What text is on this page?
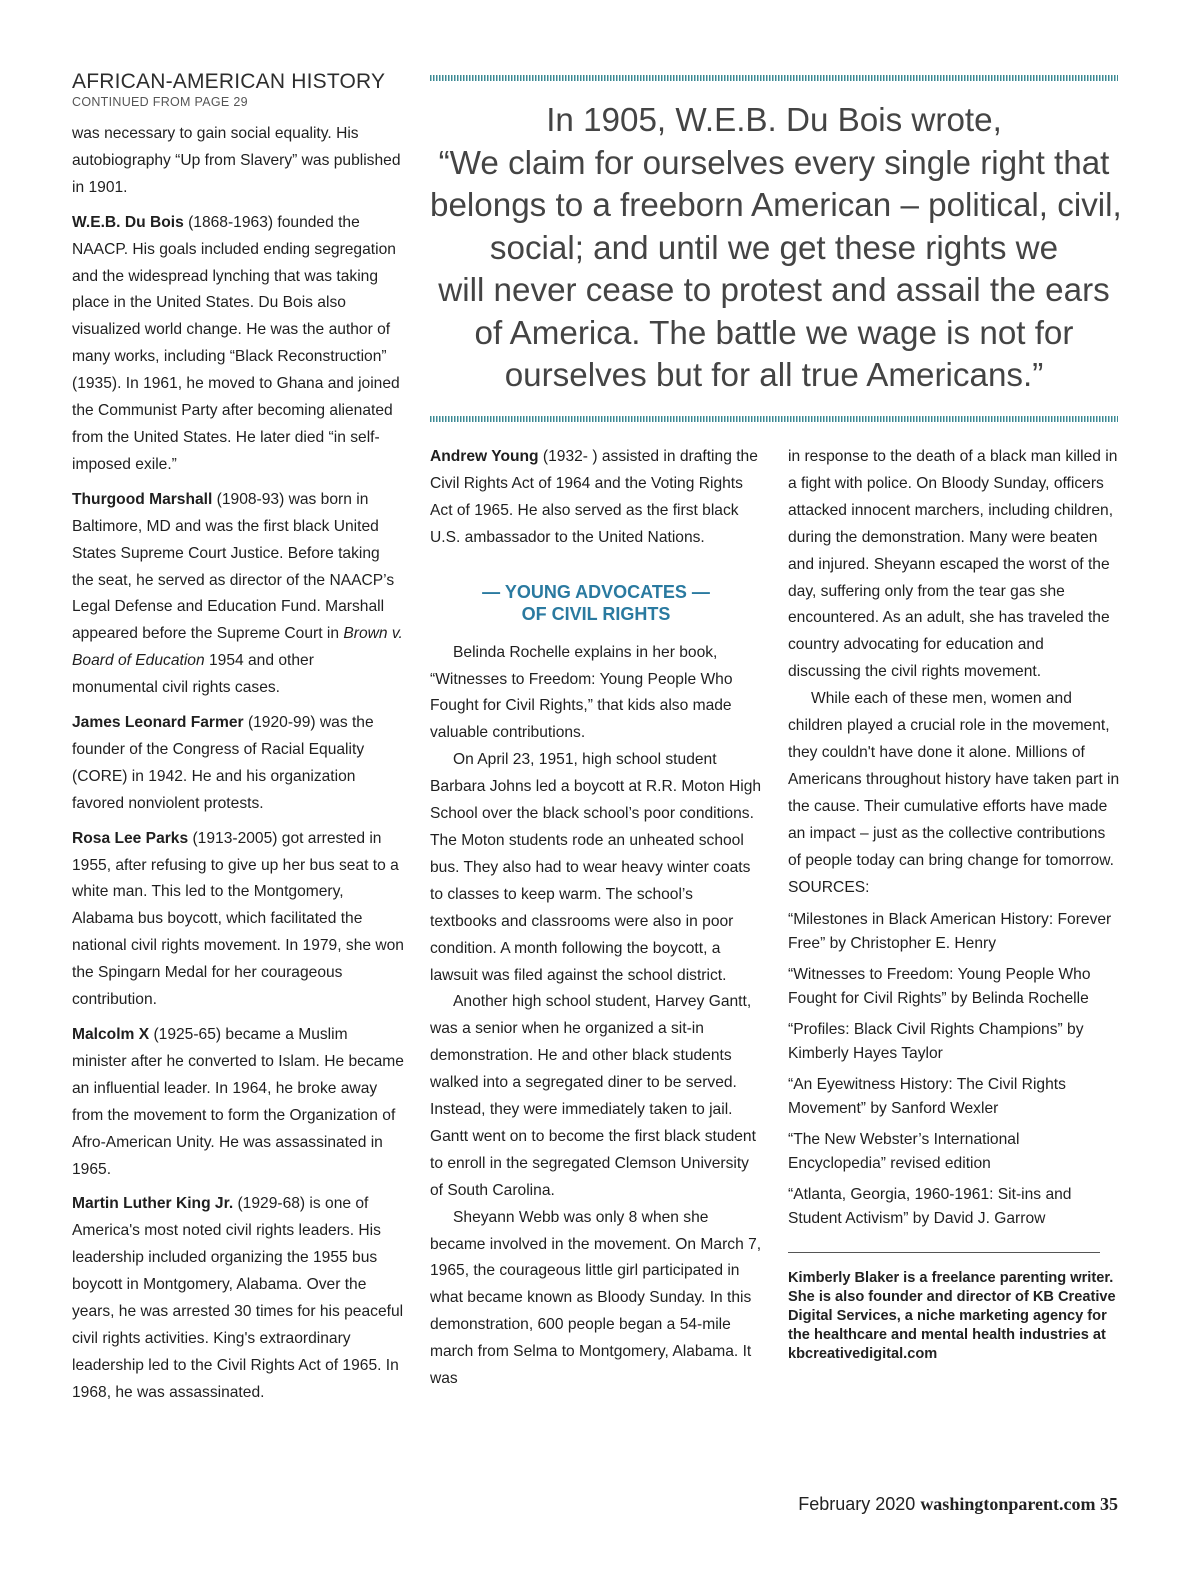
AFRICAN-AMERICAN HISTORY
CONTINUED FROM PAGE 29	In 1905, W.E.B. Du Bois wrote,
“We claim for ourselves every single right that
belongs to a freeborn American – political, civil,
social; and until we get these rights we
will never cease to protest and assail the ears
of America. The battle we wage is not for
ourselves but for all true Americans.”

was necessary to gain social equality. His autobiography “Up from Slavery” was published in 1901.

W.E.B. Du Bois (1868-1963) founded the NAACP. His goals included ending segregation and the widespread lynching that was taking place in the United States. Du Bois also visualized world change. He was the author of many works, including “Black Reconstruction” (1935). In 1961, he moved to Ghana and joined the Communist Party after becoming alienated from the United States. He later died “in self-imposed exile.”

Thurgood Marshall (1908-93) was born in Baltimore, MD and was the first black United States Supreme Court Justice. Before taking the seat, he served as director of the NAACP’s Legal Defense and Education Fund. Marshall appeared before the Supreme Court in Brown v. Board of Education 1954 and other monumental civil rights cases.

James Leonard Farmer (1920-99) was the founder of the Congress of Racial Equality (CORE) in 1942. He and his organization favored nonviolent protests.

Rosa Lee Parks (1913-2005) got arrested in 1955, after refusing to give up her bus seat to a white man. This led to the Montgomery, Alabama bus boycott, which facilitated the national civil rights movement. In 1979, she won the Spingarn Medal for her courageous contribution.

Malcolm X (1925-65) became a Muslim minister after he converted to Islam. He became an influential leader. In 1964, he broke away from the movement to form the Organization of Afro-American Unity. He was assassinated in 1965.

Martin Luther King Jr. (1929-68) is one of America's most noted civil rights leaders. His leadership included organizing the 1955 bus boycott in Montgomery, Alabama. Over the years, he was arrested 30 times for his peaceful civil rights activities. King's extraordinary leadership led to the Civil Rights Act of 1965. In 1968, he was assassinated.

Andrew Young (1932- ) assisted in drafting the Civil Rights Act of 1964 and the Voting Rights Act of 1965. He also served as the first black U.S. ambassador to the United Nations.

— YOUNG ADVOCATES —
OF CIVIL RIGHTS

Belinda Rochelle explains in her book, “Witnesses to Freedom: Young People Who Fought for Civil Rights,” that kids also made valuable contributions.

On April 23, 1951, high school student Barbara Johns led a boycott at R.R. Moton High School over the black school’s poor conditions. The Moton students rode an unheated school bus. They also had to wear heavy winter coats to classes to keep warm. The school’s textbooks and classrooms were also in poor condition. A month following the boycott, a lawsuit was filed against the school district.

Another high school student, Harvey Gantt, was a senior when he organized a sit-in demonstration. He and other black students walked into a segregated diner to be served. Instead, they were immediately taken to jail. Gantt went on to become the first black student to enroll in the segregated Clemson University of South Carolina.

Sheyann Webb was only 8 when she became involved in the movement. On March 7, 1965, the courageous little girl participated in what became known as Bloody Sunday. In this demonstration, 600 people began a 54-mile march from Selma to Montgomery, Alabama. It was

in response to the death of a black man killed in a fight with police. On Bloody Sunday, officers attacked innocent marchers, including children, during the demonstration. Many were beaten and injured. Sheyann escaped the worst of the day, suffering only from the tear gas she encountered. As an adult, she has traveled the country advocating for education and discussing the civil rights movement.

While each of these men, women and children played a crucial role in the movement, they couldn't have done it alone. Millions of Americans throughout history have taken part in the cause. Their cumulative efforts have made an impact – just as the collective contributions of people today can bring change for tomorrow.

SOURCES:

“Milestones in Black American History: Forever Free” by Christopher E. Henry

“Witnesses to Freedom: Young People Who Fought for Civil Rights” by Belinda Rochelle

“Profiles: Black Civil Rights Champions” by Kimberly Hayes Taylor

“An Eyewitness History: The Civil Rights Movement” by Sanford Wexler

“The New Webster’s International Encyclopedia” revised edition

“Atlanta, Georgia, 1960-1961: Sit-ins and Student Activism” by David J. Garrow

Kimberly Blaker is a freelance parenting writer. She is also founder and director of KB Creative Digital Services, a niche marketing agency for the healthcare and mental health industries at kbcreativedigital.com

February 2020 washingtonparent.com 35
